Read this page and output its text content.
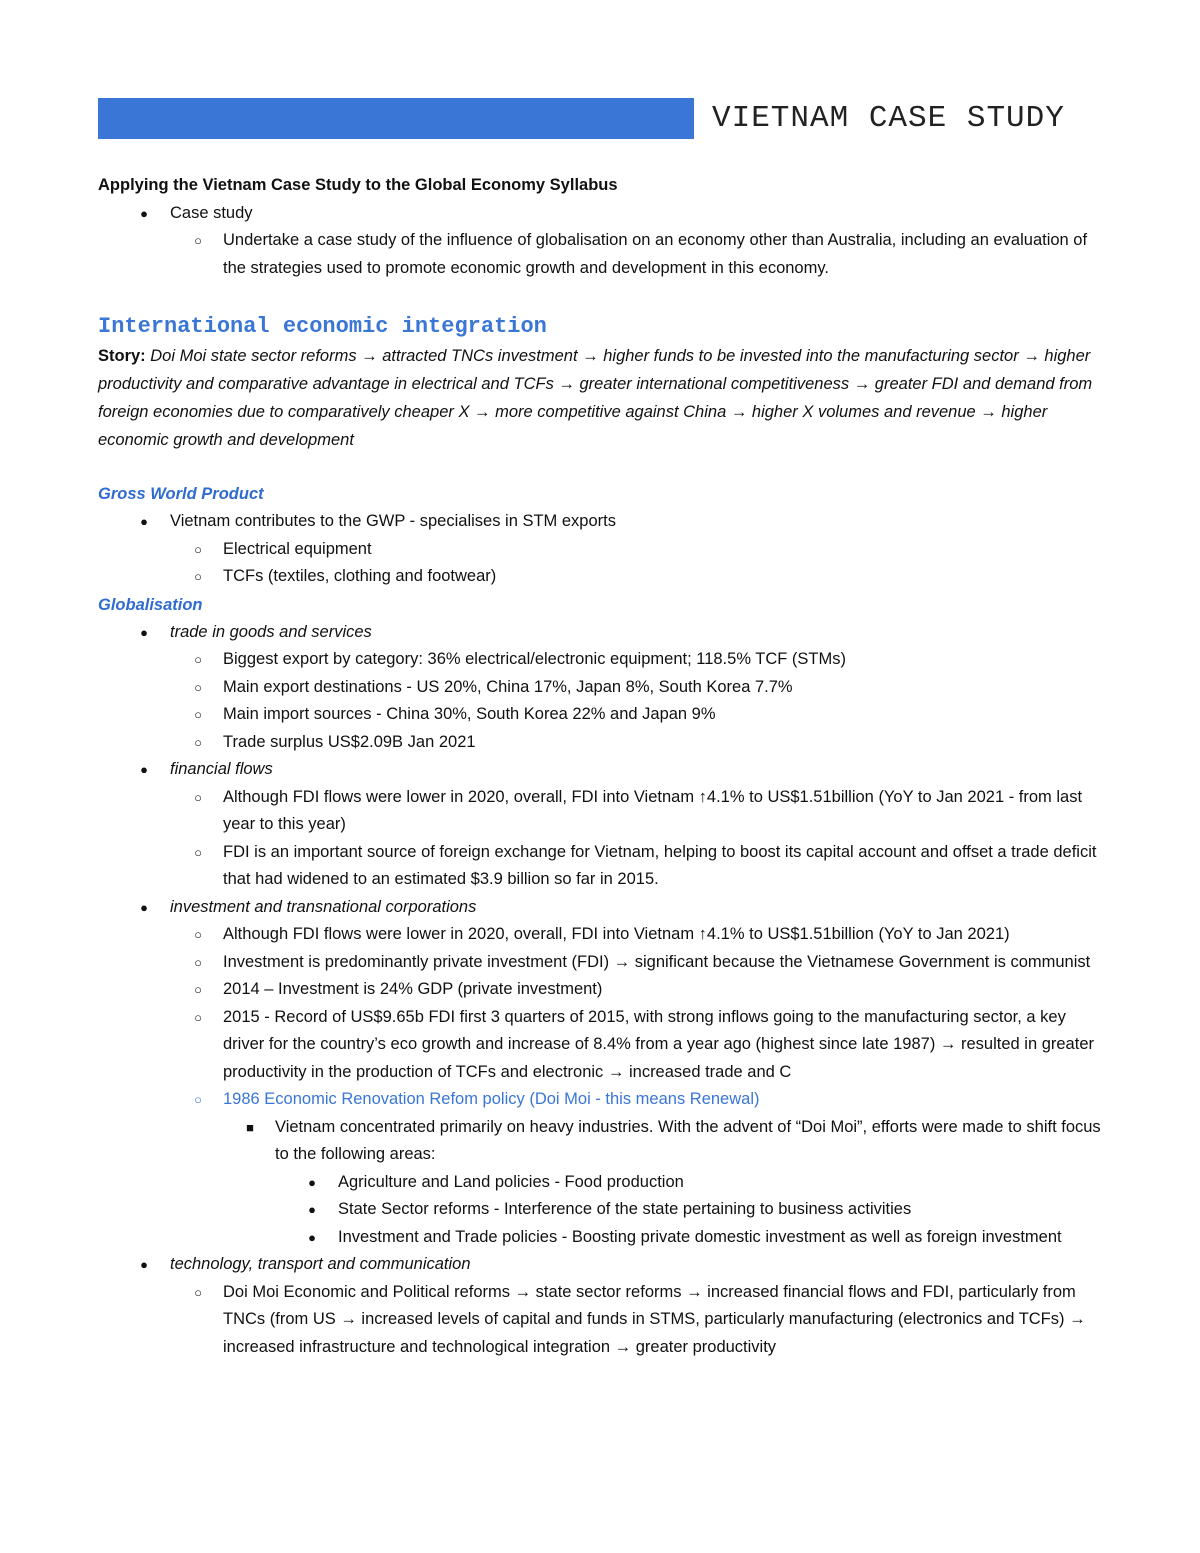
VIETNAM CASE STUDY
Applying the Vietnam Case Study to the Global Economy Syllabus
●	Case study
○	Undertake a case study of the influence of globalisation on an economy other than Australia, including an evaluation of the strategies used to promote economic growth and development in this economy.
International economic integration
Story: Doi Moi state sector reforms → attracted TNCs investment → higher funds to be invested into the manufacturing sector → higher productivity and comparative advantage in electrical and TCFs → greater international competitiveness → greater FDI and demand from foreign economies due to comparatively cheaper X → more competitive against China → higher X volumes and revenue → higher economic growth and development
Gross World Product
●	Vietnam contributes to the GWP - specialises in STM exports
○	Electrical equipment
○	TCFs (textiles, clothing and footwear)
Globalisation
●	trade in goods and services
○	Biggest export by category: 36% electrical/electronic equipment; 118.5% TCF (STMs)
○	Main export destinations - US 20%, China 17%, Japan 8%, South Korea 7.7%
○	Main import sources - China 30%, South Korea 22% and Japan 9%
○	Trade surplus US$2.09B Jan 2021
●	financial flows
○	Although FDI flows were lower in 2020, overall, FDI into Vietnam ↑4.1% to US$1.51billion (YoY to Jan 2021 - from last year to this year)
○	FDI is an important source of foreign exchange for Vietnam, helping to boost its capital account and offset a trade deficit that had widened to an estimated $3.9 billion so far in 2015.
●	investment and transnational corporations
○	Although FDI flows were lower in 2020, overall, FDI into Vietnam ↑4.1% to US$1.51billion (YoY to Jan 2021)
○	Investment is predominantly private investment (FDI) → significant because the Vietnamese Government is communist
○	2014 – Investment is 24% GDP (private investment)
○	2015 - Record of US$9.65b FDI first 3 quarters of 2015, with strong inflows going to the manufacturing sector, a key driver for the country’s eco growth and increase of 8.4% from a year ago (highest since late 1987) → resulted in greater productivity in the production of TCFs and electronic → increased trade and C
○	1986 Economic Renovation Refom policy (Doi Moi - this means Renewal)
■	Vietnam concentrated primarily on heavy industries. With the advent of “Doi Moi”, efforts were made to shift focus to the following areas:
●	Agriculture and Land policies - Food production
●	State Sector reforms - Interference of the state pertaining to business activities
●	Investment and Trade policies - Boosting private domestic investment as well as foreign investment
●	technology, transport and communication
○	Doi Moi Economic and Political reforms → state sector reforms → increased financial flows and FDI, particularly from TNCs (from US → increased levels of capital and funds in STMS, particularly manufacturing (electronics and TCFs) → increased infrastructure and technological integration → greater productivity
